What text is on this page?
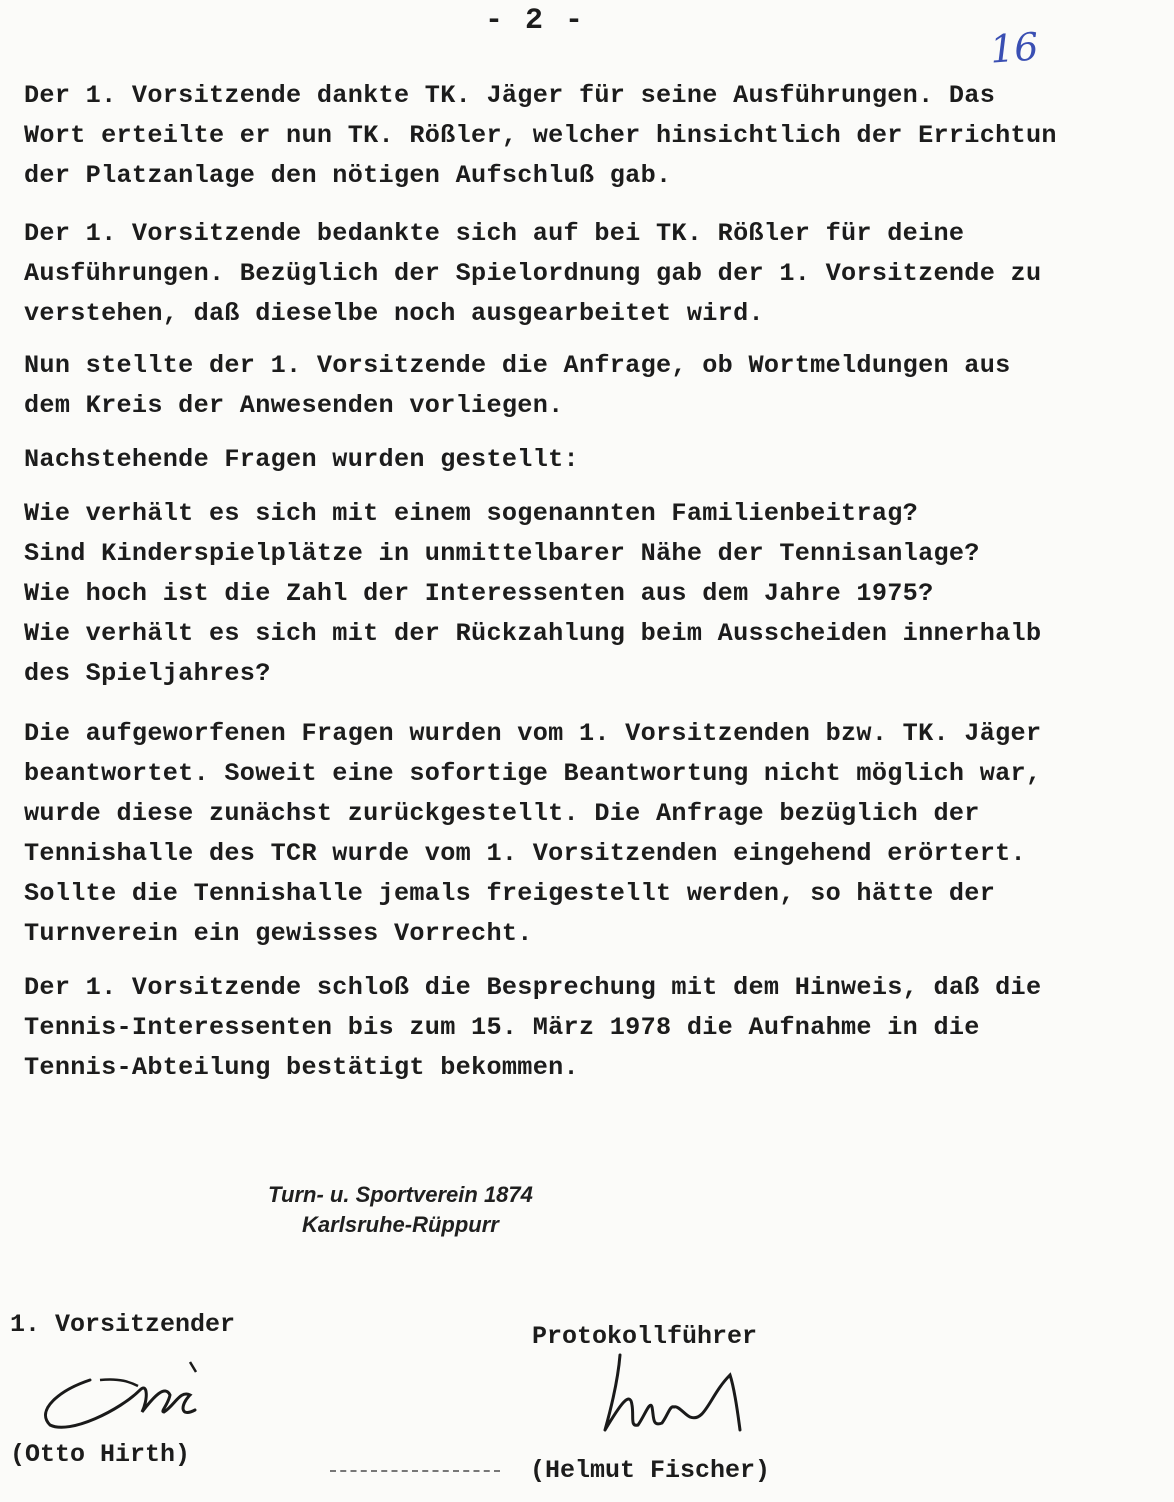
- 2 -
16
Der 1. Vorsitzende dankte TK. Jäger für seine Ausführungen. Das
Wort erteilte er nun TK. Rößler, welcher hinsichtlich der Errichtun
der Platzanlage den nötigen Aufschluß gab.
Der 1. Vorsitzende bedankte sich auf bei TK. Rößler für deine
Ausführungen. Bezüglich der Spielordnung gab der 1. Vorsitzende zu
verstehen, daß dieselbe noch ausgearbeitet wird.
Nun stellte der 1. Vorsitzende die Anfrage, ob Wortmeldungen aus
dem Kreis der Anwesenden vorliegen.
Nachstehende Fragen wurden gestellt:
Wie verhält es sich mit einem sogenannten Familienbeitrag?
Sind Kinderspielplätze in unmittelbarer Nähe der Tennisanlage?
Wie hoch ist die Zahl der Interessenten aus dem Jahre 1975?
Wie verhält es sich mit der Rückzahlung beim Ausscheiden innerhalb
des Spieljahres?
Die aufgeworfenen Fragen wurden vom 1. Vorsitzenden bzw. TK. Jäger
beantwortet. Soweit eine sofortige Beantwortung nicht möglich war,
wurde diese zunächst zurückgestellt. Die Anfrage bezüglich der
Tennishalle des TCR wurde vom 1. Vorsitzenden eingehend erörtert.
Sollte die Tennishalle jemals freigestellt werden, so hätte der
Turnverein ein gewisses Vorrecht.
Der 1. Vorsitzende schloß die Besprechung mit dem Hinweis, daß die
Tennis-Interessenten bis zum 15. März 1978 die Aufnahme in die
Tennis-Abteilung bestätigt bekommen.
Turn- u. Sportverein 1874
Karlsruhe-Rüppurr
1. Vorsitzender	Protokollführer
(Otto Hirth)
(Helmut Fischer)
